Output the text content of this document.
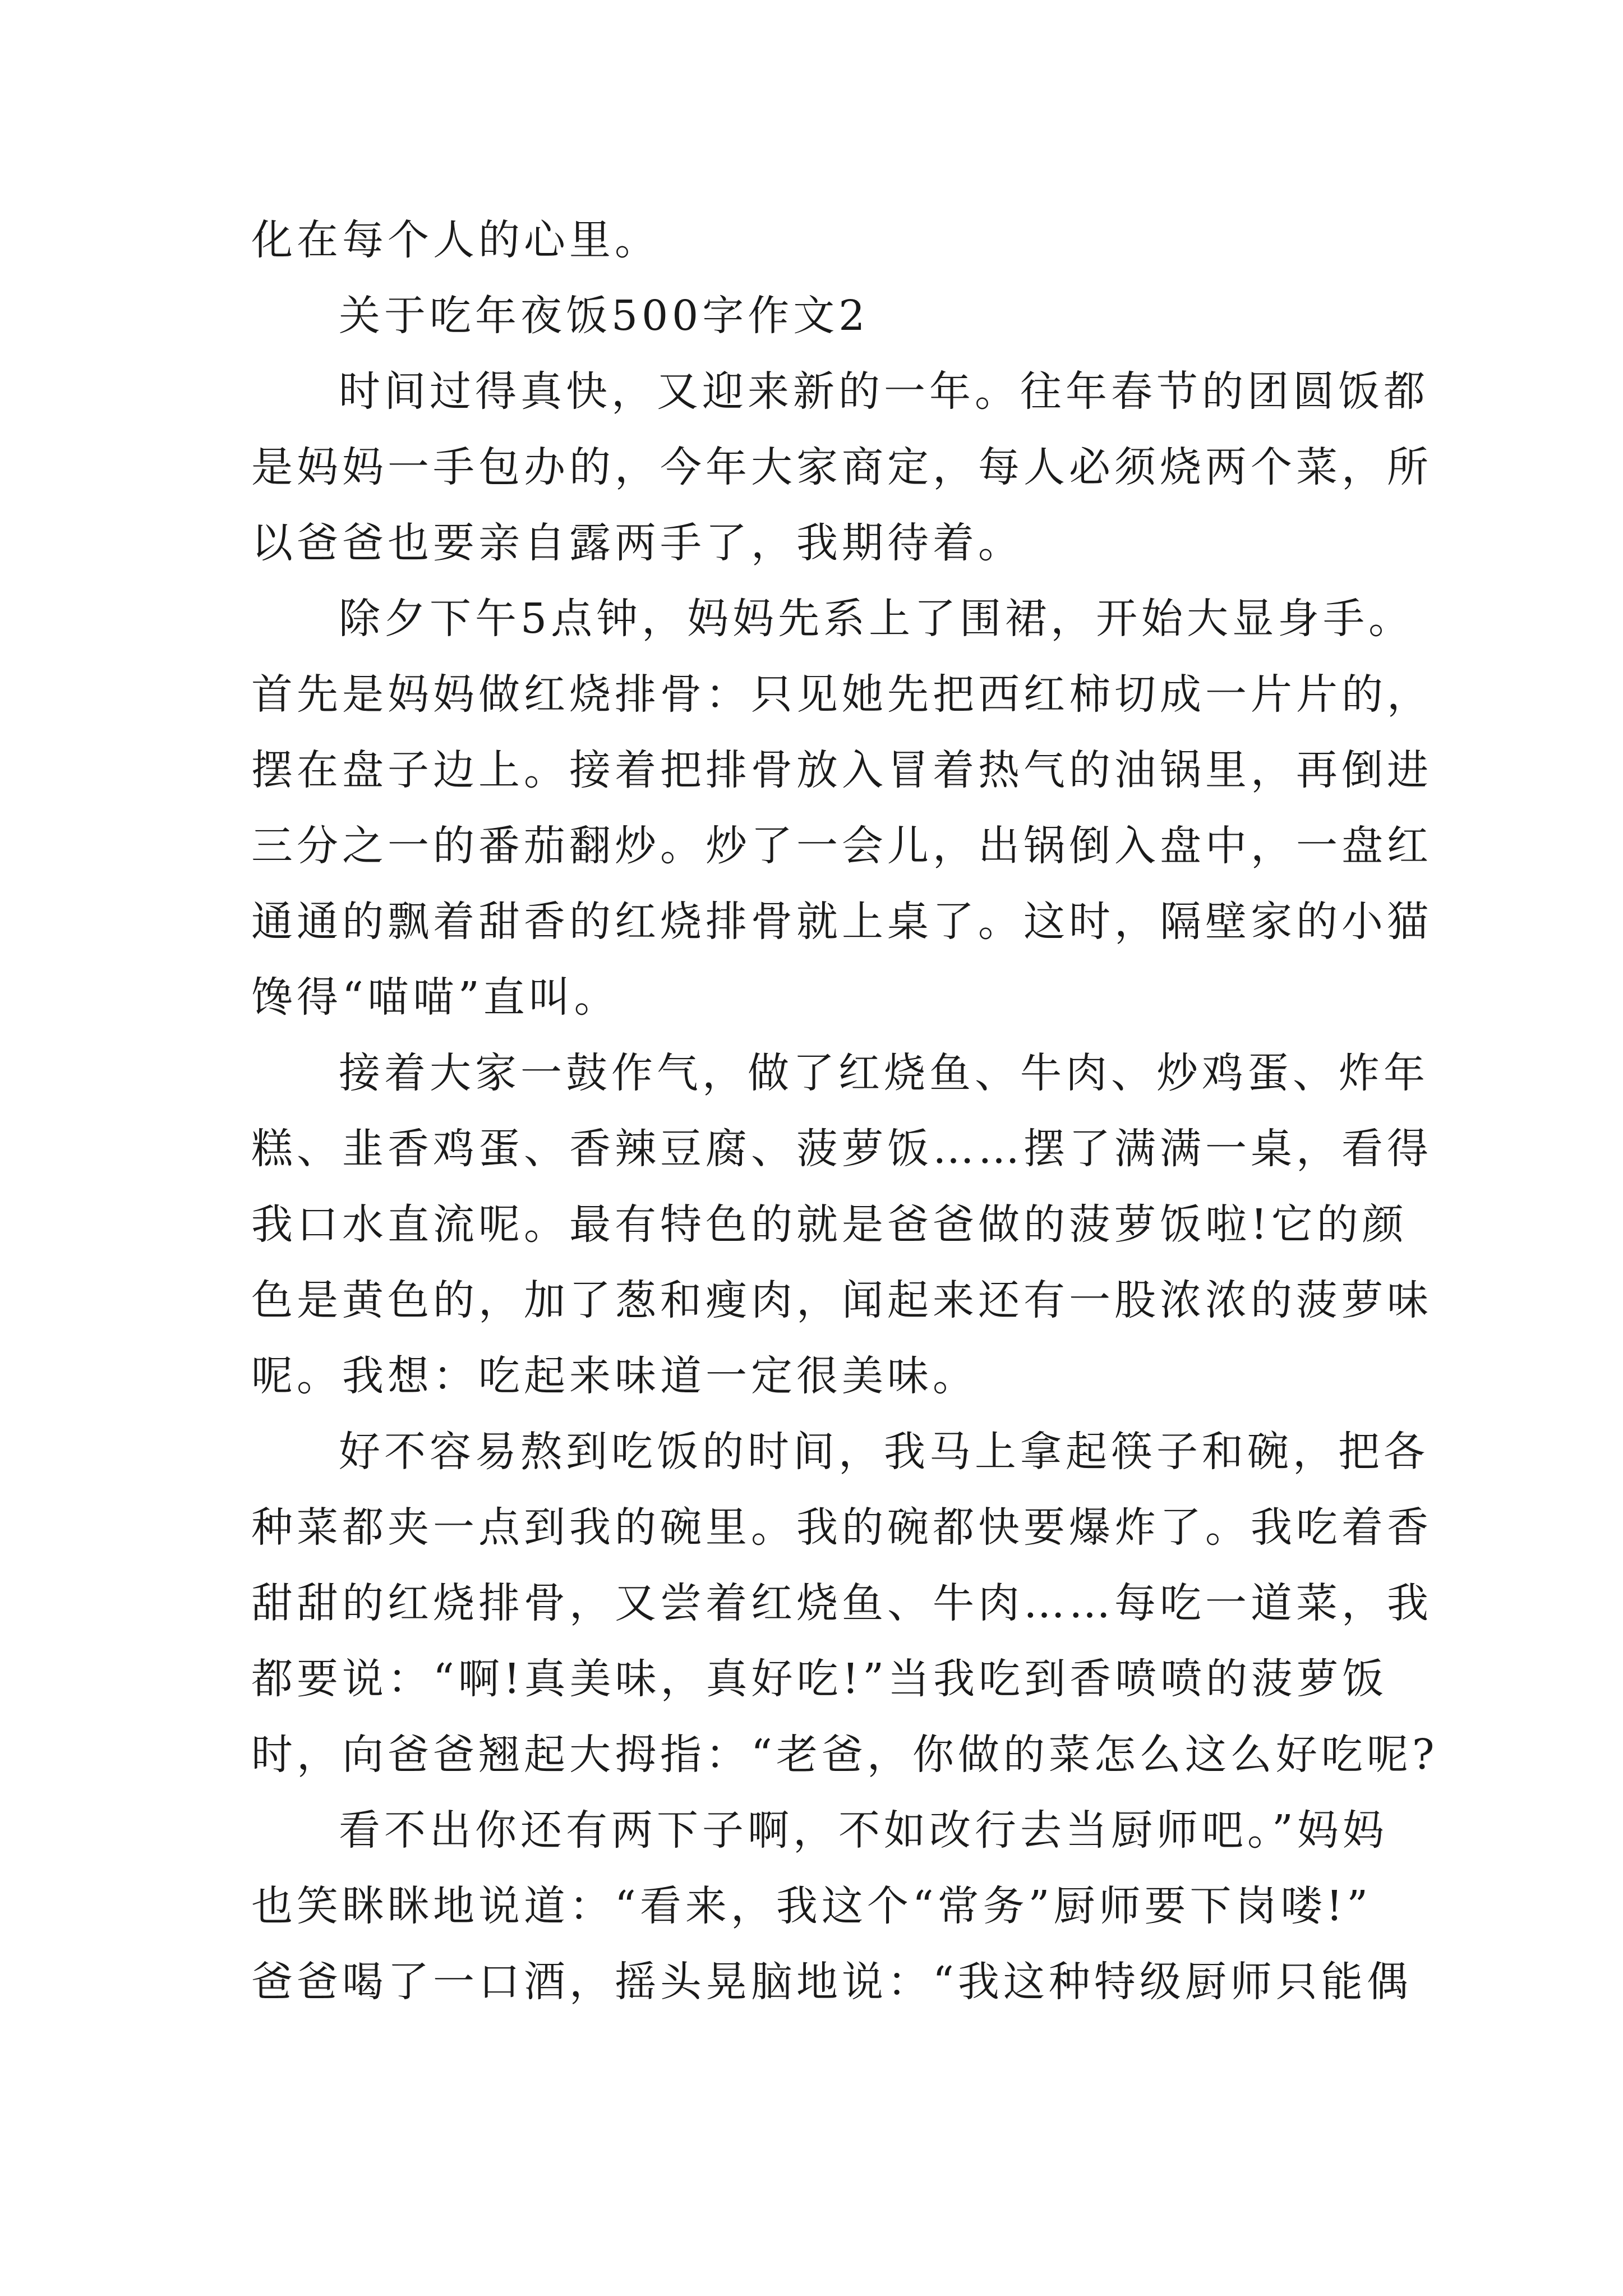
化在每个人的心里。
关于吃年夜饭500字作文2
时间过得真快，又迎来新的一年。往年春节的团圆饭都
是妈妈一手包办的，今年大家商定，每人必须烧两个菜，所
以爸爸也要亲自露两手了，我期待着。
除夕下午5点钟，妈妈先系上了围裙，开始大显身手。
首先是妈妈做红烧排骨：只见她先把西红柿切成一片片的，
摆在盘子边上。接着把排骨放入冒着热气的油锅里，再倒进
三分之一的番茄翻炒。炒了一会儿，出锅倒入盘中，一盘红
通通的飘着甜香的红烧排骨就上桌了。这时，隔壁家的小猫
馋得“喵喵”直叫。
接着大家一鼓作气，做了红烧鱼、牛肉、炒鸡蛋、炸年
糕、韭香鸡蛋、香辣豆腐、菠萝饭……摆了满满一桌，看得
我口水直流呢。最有特色的就是爸爸做的菠萝饭啦!它的颜
色是黄色的，加了葱和瘦肉，闻起来还有一股浓浓的菠萝味
呢。我想：吃起来味道一定很美味。
好不容易熬到吃饭的时间，我马上拿起筷子和碗，把各
种菜都夹一点到我的碗里。我的碗都快要爆炸了。我吃着香
甜甜的红烧排骨，又尝着红烧鱼、牛肉……每吃一道菜，我
都要说：“啊!真美味，真好吃!”当我吃到香喷喷的菠萝饭
时，向爸爸翘起大拇指：“老爸，你做的菜怎么这么好吃呢?
看不出你还有两下子啊，不如改行去当厨师吧。”妈妈
也笑眯眯地说道：“看来，我这个“常务”厨师要下岗喽!”
爸爸喝了一口酒，摇头晃脑地说：“我这种特级厨师只能偶
